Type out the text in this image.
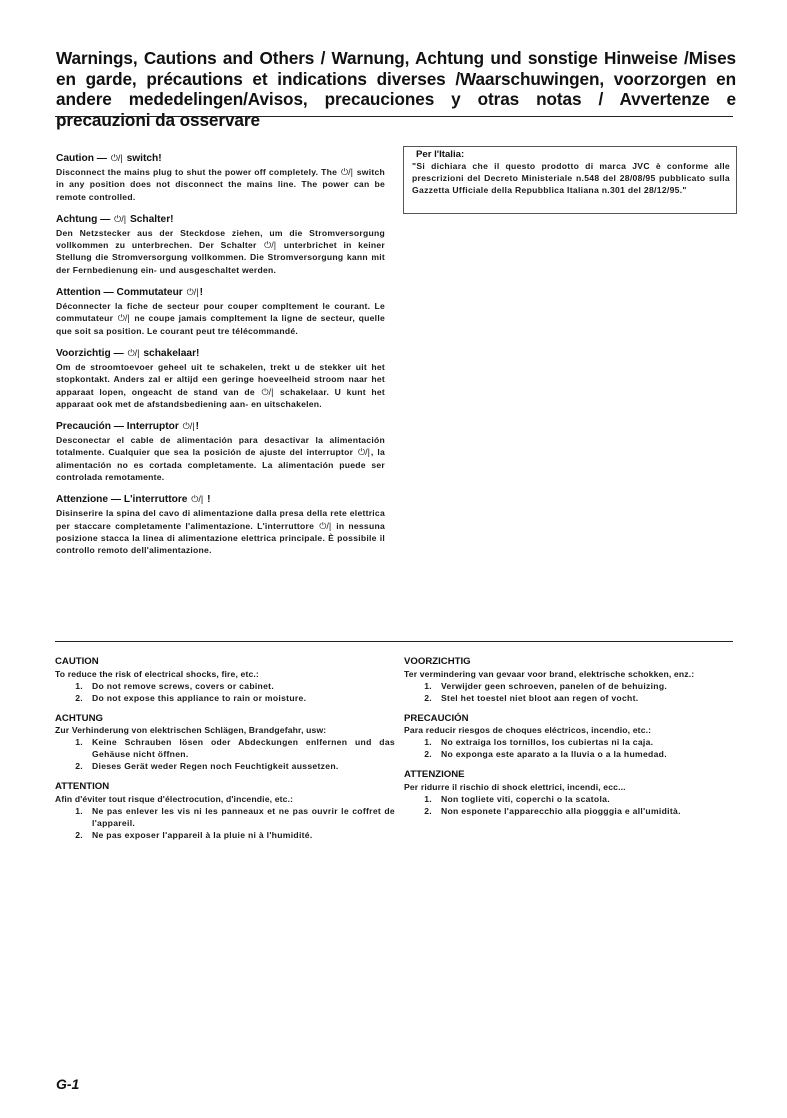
Warnings, Cautions and Others / Warnung, Achtung und sonstige Hinweise /Mises en garde, précautions et indications diverses /Waarschuwingen, voorzorgen en andere mededelingen/Avisos, precauciones y otras notas / Avvertenze e precauzioni da osservare
Caution — ⏻/| switch!
Disconnect the mains plug to shut the power off completely. The ⏻/| switch in any position does not disconnect the mains line. The power can be remote controlled.
Achtung — ⏻/| Schalter!
Den Netzstecker aus der Steckdose ziehen, um die Stromversorgung vollkommen zu unterbrechen. Der Schalter ⏻/| unterbrichet in keiner Stellung die Stromversorgung vollkommen. Die Stromversorgung kann mit der Fernbedienung ein- und ausgeschaltet werden.
Attention — Commutateur ⏻/|!
Déconnecter la fiche de secteur pour couper compltement le courant. Le commutateur ⏻/| ne coupe jamais compltement la ligne de secteur, quelle que soit sa position. Le courant peut tre télécommandé.
Voorzichtig — ⏻/| schakelaar!
Om de stroomtoevoer geheel uit te schakelen, trekt u de stekker uit het stopkontakt. Anders zal er altijd een geringe hoeveelheid stroom naar het apparaat lopen, ongeacht de stand van de ⏻/| schakelaar. U kunt het apparaat ook met de afstandsbediening aan- en uitschakelen.
Precaución — Interruptor ⏻/|!
Desconectar el cable de alimentación para desactivar la alimentación totalmente. Cualquier que sea la posición de ajuste del interruptor ⏻/|, la alimentación no es cortada completamente. La alimentación puede ser controlada remotamente.
Attenzione — L'interruttore ⏻/| !
Disinserire la spina del cavo di alimentazione dalla presa della rete elettrica per staccare completamente l'alimentazione. L'interruttore ⏻/| in nessuna posizione stacca la linea di alimentazione elettrica principale. È possibile il controllo remoto dell'alimentazione.
Per l'Italia:
"Si dichiara che il questo prodotto di marca JVC è conforme alle prescrizioni del Decreto Ministeriale n.548 del 28/08/95 pubblicato sulla Gazzetta Ufficiale della Repubblica Italiana n.301 del 28/12/95."
CAUTION
To reduce the risk of electrical shocks, fire, etc.:
1.	Do not remove screws, covers or cabinet.
2.	Do not expose this appliance to rain or moisture.
ACHTUNG
Zur Verhinderung von elektrischen Schlägen, Brandgefahr, usw:
1.	Keine Schrauben lösen oder Abdeckungen enlfernen und das Gehäuse nicht öffnen.
2.	Dieses Gerät weder Regen noch Feuchtigkeit aussetzen.
ATTENTION
Afin d'éviter tout risque d'électrocution, d'incendie, etc.:
1.	Ne pas enlever les vis ni les panneaux et ne pas ouvrir le coffret de l'appareil.
2.	Ne pas exposer l'appareil à la pluie ni à l'humidité.
VOORZICHTIG
Ter vermindering van gevaar voor brand, elektrische schokken, enz.:
1.	Verwijder geen schroeven, panelen of de behuizing.
2.	Stel het toestel niet bloot aan regen of vocht.
PRECAUCIÓN
Para reducir riesgos de choques eléctricos, incendio, etc.:
1.	No extraiga los tornillos, los cubiertas ni la caja.
2.	No exponga este aparato a la lluvia o a la humedad.
ATTENZIONE
Per ridurre il rischio di shock elettrici, incendi, ecc...
1.	Non togliete viti, coperchi o la scatola.
2.	Non esponete l'apparecchio alla piogggia e all'umidità.
G-1
